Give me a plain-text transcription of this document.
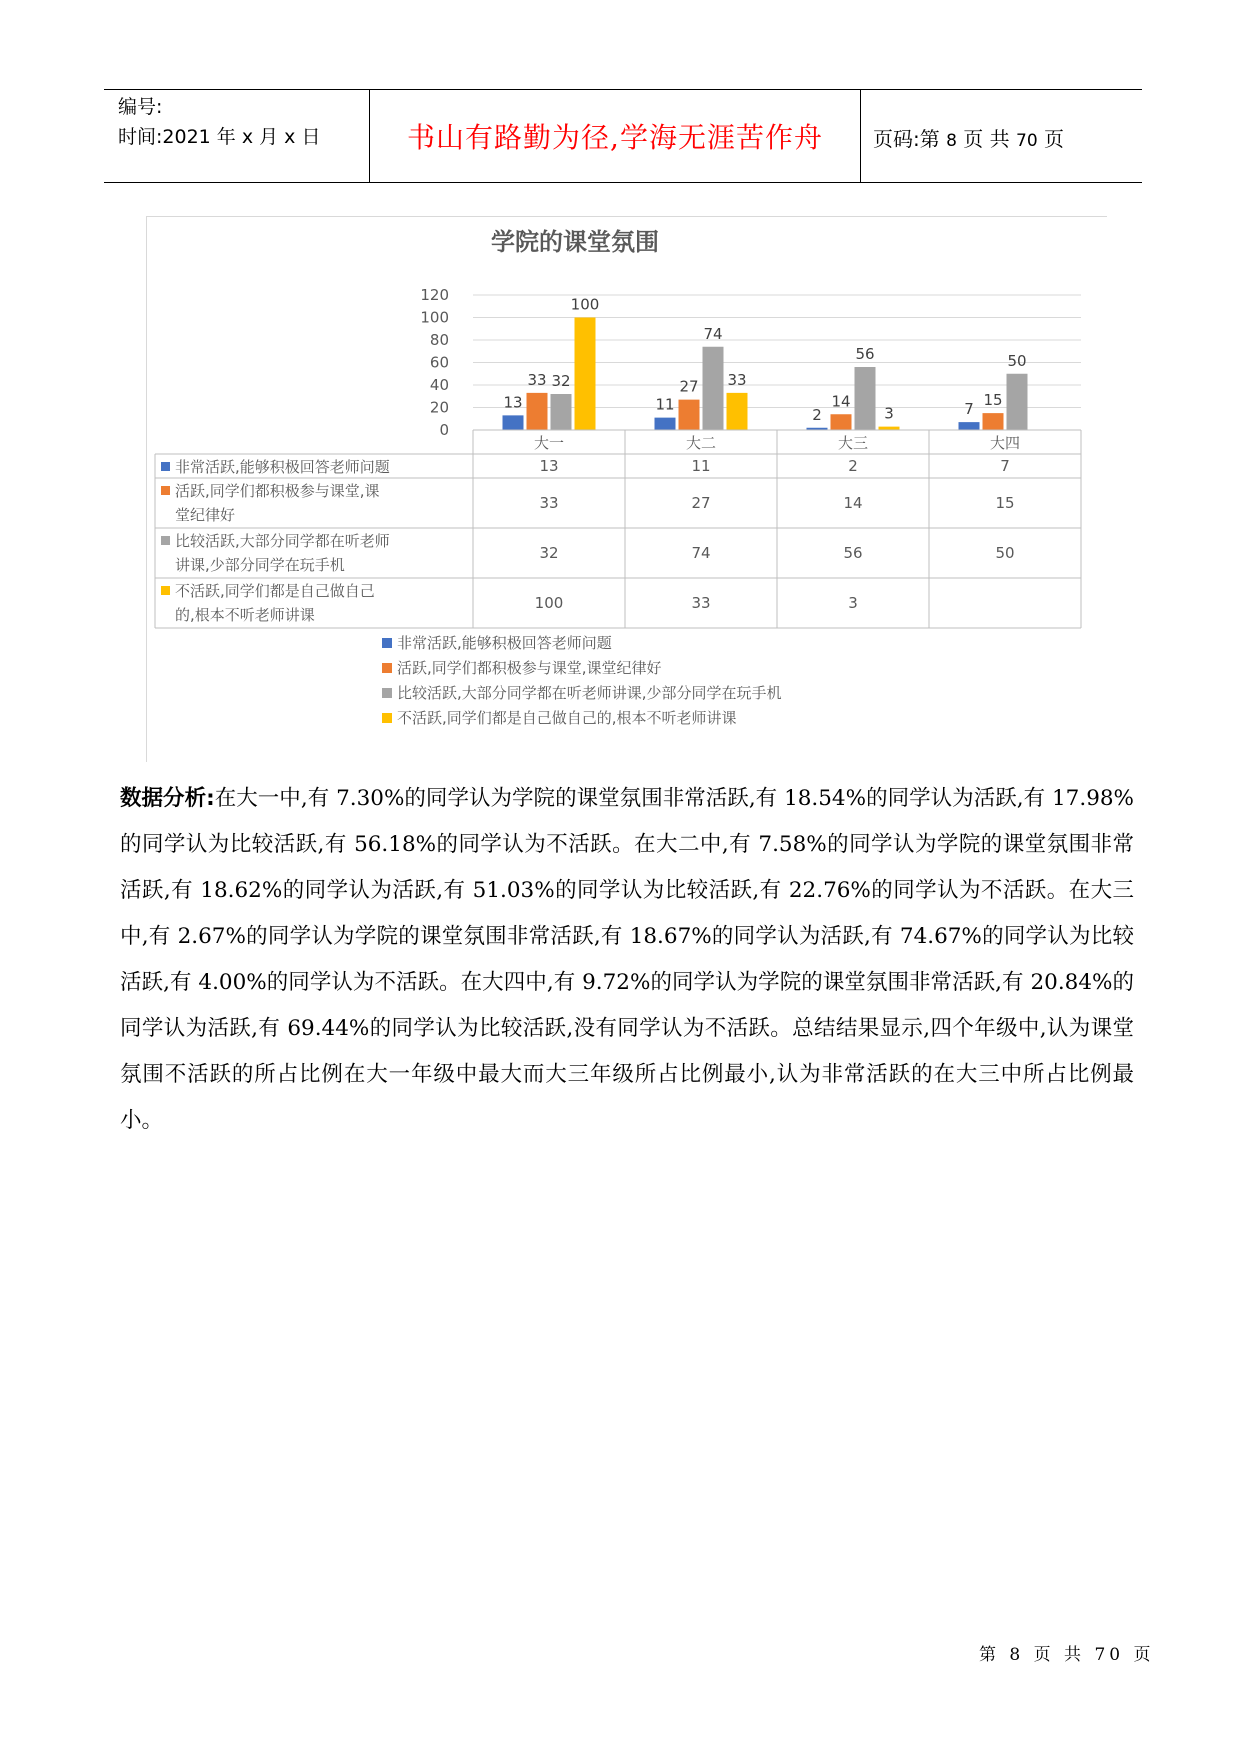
编号:
时间:2021 年 x 月 x 日	书山有路勤为径,学海无涯苦作舟	页码:第 8 页 共 70 页
学院的课堂氛围
0
20
40
60
80
100
120
13	11
2	7
33	27
14	15
32
74
56	50
100
33
3
大一	大二	大三	大四
非常活跃,能够积极回答老师问题	13	11	2	7
活跃,同学们都积极参与课堂,课
堂纪律好
33	27	14	15
比较活跃,大部分同学都在听老师
讲课,少部分同学在玩手机
32	74	56	50
不活跃,同学们都是自己做自己
的,根本不听老师讲课
100	33	3
非常活跃,能够积极回答老师问题
活跃,同学们都积极参与课堂,课堂纪律好
比较活跃,大部分同学都在听老师讲课,少部分同学在玩手机
不活跃,同学们都是自己做自己的,根本不听老师讲课
数据分析:在大一中,有 7.30%的同学认为学院的课堂氛围非常活跃,有 18.54%的同学认为活跃,有 17.98%的同学认为比较活跃,有 56.18%的同学认为不活跃。在大二中,有 7.58%的同学认为学院的课堂氛围非常活跃,有 18.62%的同学认为活跃,有 51.03%的同学认为比较活跃,有 22.76%的同学认为不活跃。在大三中,有 2.67%的同学认为学院的课堂氛围非常活跃,有 18.67%的同学认为活跃,有 74.67%的同学认为比较活跃,有 4.00%的同学认为不活跃。在大四中,有 9.72%的同学认为学院的课堂氛围非常活跃,有 20.84%的同学认为活跃,有 69.44%的同学认为比较活跃,没有同学认为不活跃。总结结果显示,四个年级中,认为课堂氛围不活跃的所占比例在大一年级中最大而大三年级所占比例最小,认为非常活跃的在大三中所占比例最小。
第 8 页 共 70 页
